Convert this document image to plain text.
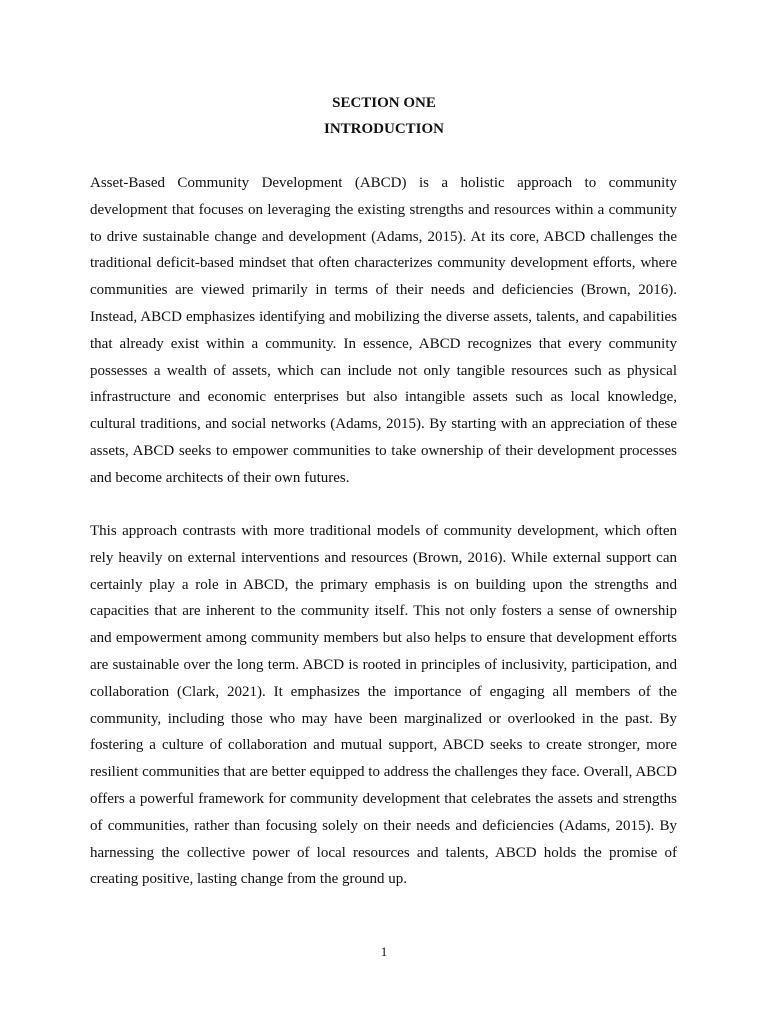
SECTION ONE
INTRODUCTION

Asset-Based Community Development (ABCD) is a holistic approach to community development that focuses on leveraging the existing strengths and resources within a community to drive sustainable change and development (Adams, 2015). At its core, ABCD challenges the traditional deficit-based mindset that often characterizes community development efforts, where communities are viewed primarily in terms of their needs and deficiencies (Brown, 2016). Instead, ABCD emphasizes identifying and mobilizing the diverse assets, talents, and capabilities that already exist within a community. In essence, ABCD recognizes that every community possesses a wealth of assets, which can include not only tangible resources such as physical infrastructure and economic enterprises but also intangible assets such as local knowledge, cultural traditions, and social networks (Adams, 2015). By starting with an appreciation of these assets, ABCD seeks to empower communities to take ownership of their development processes and become architects of their own futures.

This approach contrasts with more traditional models of community development, which often rely heavily on external interventions and resources (Brown, 2016). While external support can certainly play a role in ABCD, the primary emphasis is on building upon the strengths and capacities that are inherent to the community itself. This not only fosters a sense of ownership and empowerment among community members but also helps to ensure that development efforts are sustainable over the long term. ABCD is rooted in principles of inclusivity, participation, and collaboration (Clark, 2021). It emphasizes the importance of engaging all members of the community, including those who may have been marginalized or overlooked in the past. By fostering a culture of collaboration and mutual support, ABCD seeks to create stronger, more resilient communities that are better equipped to address the challenges they face. Overall, ABCD offers a powerful framework for community development that celebrates the assets and strengths of communities, rather than focusing solely on their needs and deficiencies (Adams, 2015). By harnessing the collective power of local resources and talents, ABCD holds the promise of creating positive, lasting change from the ground up.

1
